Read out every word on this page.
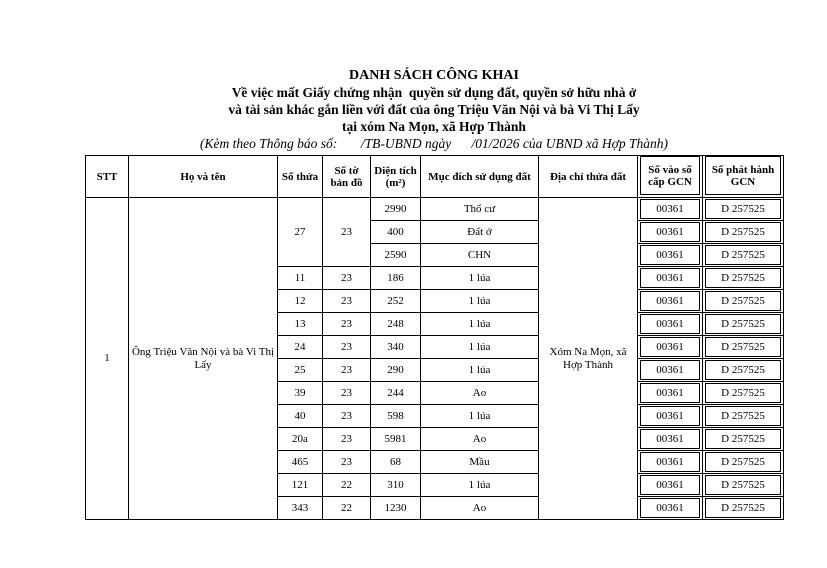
DANH SÁCH CÔNG KHAI
Về việc mất Giấy chứng nhận  quyền sử dụng đất, quyền sở hữu nhà ở
và tài sản khác gắn liền với đất của ông Triệu Văn Nội và bà Vi Thị Lấy
tại xóm Na Mọn, xã Hợp Thành
(Kèm theo Thông báo số:       /TB-UBND ngày      /01/2026 của UBND xã Hợp Thành)
STT	Họ và tên	Số thửa	Số tờ bản đồ	Diện tích (m²)	Mục đích sử dụng đất	Địa chỉ thửa đất	Số vào sổ cấp GCN	Số phát hành GCN

1	Ông Triệu Văn Nội và bà Vi Thị Lấy	27	23	2990	Thổ cư	Xóm Na Mọn, xã Hợp Thành	00361	D 257525

				400	Đất ở		00361	D 257525

				2590	CHN		00361	D 257525

		11	23	186	1 lúa		00361	D 257525

		12	23	252	1 lúa		00361	D 257525

		13	23	248	1 lúa		00361	D 257525

		24	23	340	1 lúa		00361	D 257525

		25	23	290	1 lúa		00361	D 257525

		39	23	244	Ao		00361	D 257525

		40	23	598	1 lúa		00361	D 257525

		20a	23	5981	Ao		00361	D 257525

		465	23	68	Mầu		00361	D 257525

		121	22	310	1 lúa		00361	D 257525

		343	22	1230	Ao		00361	D 257525
